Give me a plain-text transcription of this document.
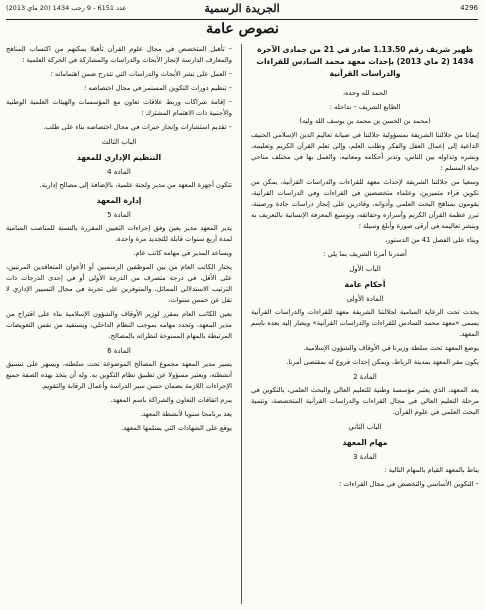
4296
الجريدة الرسمية
عدد 6151 - 9 رجب 1434 (20 ماي 2013)
نصوص عامة

ظهير شريف رقم 1.13.50 صادر في 21 من جمادى الآخرة 1434 (2 ماي 2013) بإحداث معهد محمد السادس للقراءات والدراسات القرآنية

الحمد لله وحده،

الطابع الشريف – بداخله :

(محمد بن الحسن بن محمد بن يوسف الله وليه)

إيمانا من جلالتنا الشريفة بمسؤولية جلالتنا في صيانة تعاليم الدين الإسلامي الحنيف الداعية إلى إعمال العقل والفكر وطلب العلم، وإلى تعلم القرآن الكريم وتعليمه، ونشره وتداوله بين الناس، وتدبر أحكامه ومعانيه، والعمل بها في مختلف مناحي حياة المسلم ؛

وسعيا من جلالتنا الشريفة لإحداث معهد للقراءات والدراسات القرآنية، يمكن من تكوين قراء متميزين، وعلماء متخصصين في القراءات وفي الدراسات القرآنية، يقومون بمناهج البحث العلمي وأدواته، وقادرين على إنجاز دراسات جادة ورصينة، تبرز عظمة القرآن الكريم وأسراره وحقائقه، وتوسيع المعرفة الإنسانية بالتعريف به وبنشر تعاليمه في أرقى صورة وأبلغ وسيلة ؛

وبناء على الفصل 41 من الدستور،

أصدرنا أمرنا الشريف بما يلي :

الباب الأول

أحكام عامة

المادة الأولى

يحدث تحت الرعاية السامية لجلالتنا الشريفة معهد للقراءات والدراسات القرآنية يسمى «معهد محمد السادس للقراءات والدراسات القرآنية» ويشار إليه بعده باسم المعهد.

يوضع المعهد تحت سلطة وزيرنا في الأوقاف والشؤون الإسلامية.

يكون مقر المعهد بمدينة الرباط، ويمكن إحداث فروع له بمقتضى أمرنا.

المادة 2

يعد المعهد، الذي يعتبر مؤسسة وطنية للتعليم العالي والبحث العلمي، بالتكوين في مرحلة التعليم العالي في مجال القراءات والدراسات القرآنية المتخصصة، وتنمية البحث العلمي في علوم القرآن.

الباب الثاني

مهام المعهد

المادة 3

يناط بالمعهد القيام بالمهام التالية :

– التكوين الأساسي والتخصص في مجال القراءات ؛

– تأهيل المتخصص في مجال علوم القرآن تأهيلا يمكنهم من اكتساب المناهج والمعارف الدارسة لإنجاز الأبحاث والدراسات والمشاركة في الحركة العلمية ؛

– العمل على نشر الأبحاث والدراسات التي تندرج ضمن اهتماماته ؛

– تنظيم دورات التكوين المستمر في مجال اختصاصه ؛

– إقامة شراكات وربط علاقات تعاون مع المؤسسات والهيئات العلمية الوطنية والأجنبية ذات الاهتمام المشترك ؛

– تقديم استشارات وإنجاز خبرات في مجال اختصاصه بناء على طلب.

الباب الثالث

التنظيم الإداري للمعهد

المادة 4

تتكون أجهزة المعهد من مدير ولجنة علمية، بالإضافة إلى مصالح إدارية.

إدارة المعهد

المادة 5

يدير المعهد مدير يعين وفق إجراءات التعيين المقررة بالنسبة للمناصب السامية لمدة أربع سنوات قابلة للتجديد مرة واحدة.

ويساعد المدير في مهامه كاتب عام.

يختار الكاتب العام من بين الموظفين الرسميين أو الأعوان المتعاقدين المرتبين، على الأقل، في درجة متصرف من الدرجة الأولى أو في إحدى الدرجات ذات الترتيب الاستدلالي المماثل، والمتوفرين على تجربة في مجال التسيير الإداري لا تقل عن خمس سنوات.

يعين الكاتب العام بمقرر لوزير الأوقاف والشؤون الإسلامية بناء على اقتراح من مدير المعهد، وتحدد مهامه بموجب النظام الداخلي، ويستفيد من نفس التعويضات المرتبطة بالمهام الممنوحة لنظرائه بالمصالح.

المادة 6

يسير مدير المعهد مجموع المصالح الموضوعة تحت سلطته، ويسهر على تنسيق أنشطته، ويعتبر مسؤولا عن تطبيق نظام التكوين به. وله أن يتخذ بهذه الصفة جميع الإجراءات اللازمة بضمان حسن سير الدراسة وأعمال الرقابة والتقويم.

يبرم اتفاقات التعاون والشراكة باسم المعهد.

يعد برنامجا سنويا لأنشطة المعهد.

يوقع على الشهادات التي يسلمها المعهد.
